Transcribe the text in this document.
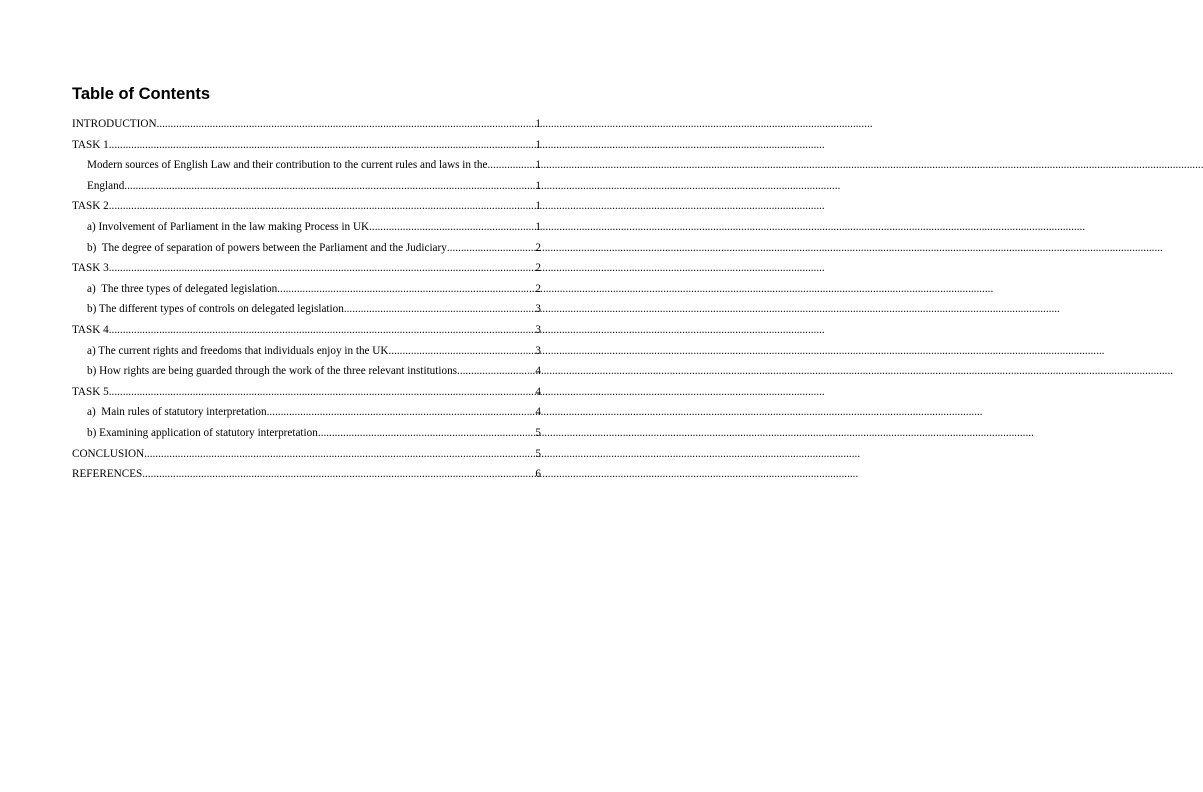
Table of Contents
INTRODUCTION .....	1
TASK 1 .....	1
Modern sources of English Law and their contribution to the current rules and laws in the .....	1
England .....	1
TASK 2 .....	1
a) Involvement of Parliament in the law making Process in UK .....	1
b)  The degree of separation of powers between the Parliament and the Judiciary .....	2
TASK 3 .....	2
a)  The three types of delegated legislation .....	2
b) The different types of controls on delegated legislation .....	3
TASK 4 .....	3
a) The current rights and freedoms that individuals enjoy in the UK .....	3
b) How rights are being guarded through the work of the three relevant institutions .....	4
TASK 5 .....	4
a)  Main rules of statutory interpretation .....	4
b) Examining application of statutory interpretation .....	5
CONCLUSION .....	5
REFERENCES .....	6
